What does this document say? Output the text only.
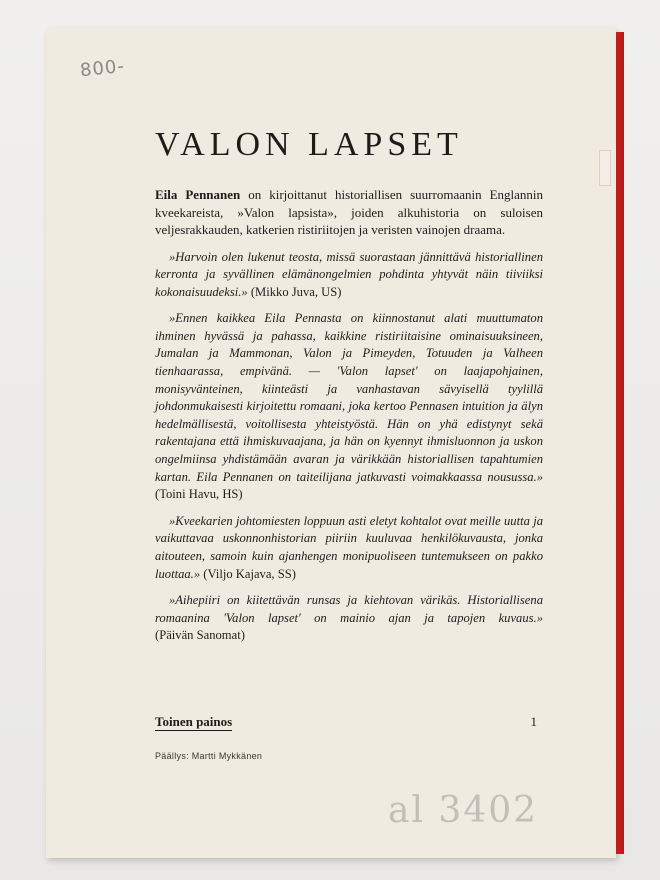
800-
al 3402
VALON LAPSET

Eila Pennanen on kirjoittanut historiallisen suurromaanin Englannin kveekareista, »Valon lapsista», joiden alkuhistoria on suloisen veljesrakkauden, katkerien ristiriitojen ja veristen vainojen draama.

»Harvoin olen lukenut teosta, missä suorastaan jännittävä historiallinen kerronta ja syvällinen elämänongelmien pohdinta yhtyvät näin tiiviiksi kokonaisuudeksi.» (Mikko Juva, US)

»Ennen kaikkea Eila Pennasta on kiinnostanut alati muuttumaton ihminen hyvässä ja pahassa, kaikkine ristiriitaisine ominaisuuksineen, Jumalan ja Mammonan, Valon ja Pimeyden, Totuuden ja Valheen tienhaarassa, empivänä. — 'Valon lapset' on laajapohjainen, monisyvänteinen, kiinteästi ja vanhastavan sävyisellä tyylillä johdonmukaisesti kirjoitettu romaani, joka kertoo Pennasen intuition ja älyn hedelmällisestä, voitollisesta yhteistyöstä. Hän on yhä edistynyt sekä rakentajana että ihmiskuvaajana, ja hän on kyennyt ihmisluonnon ja uskon ongelmiinsa yhdistämään avaran ja värikkään historiallisen tapahtumien kartan. Eila Pennanen on taiteilijana jatkuvasti voimakkaassa nousussa.» (Toini Havu, HS)

»Kveekarien johtomiesten loppuun asti eletyt kohtalot ovat meille uutta ja vaikuttavaa uskonnonhistorian piiriin kuuluvaa henkilökuvausta, jonka aitouteen, samoin kuin ajanhengen monipuoliseen tuntemukseen on pakko luottaa.» (Viljo Kajava, SS)

»Aihepiiri on kiitettävän runsas ja kiehtovan värikäs. Historiallisena romaanina 'Valon lapset' on mainio ajan ja tapojen kuvaus.» (Päivän Sanomat)

Toinen painos	1
Päällys: Martti Mykkänen
